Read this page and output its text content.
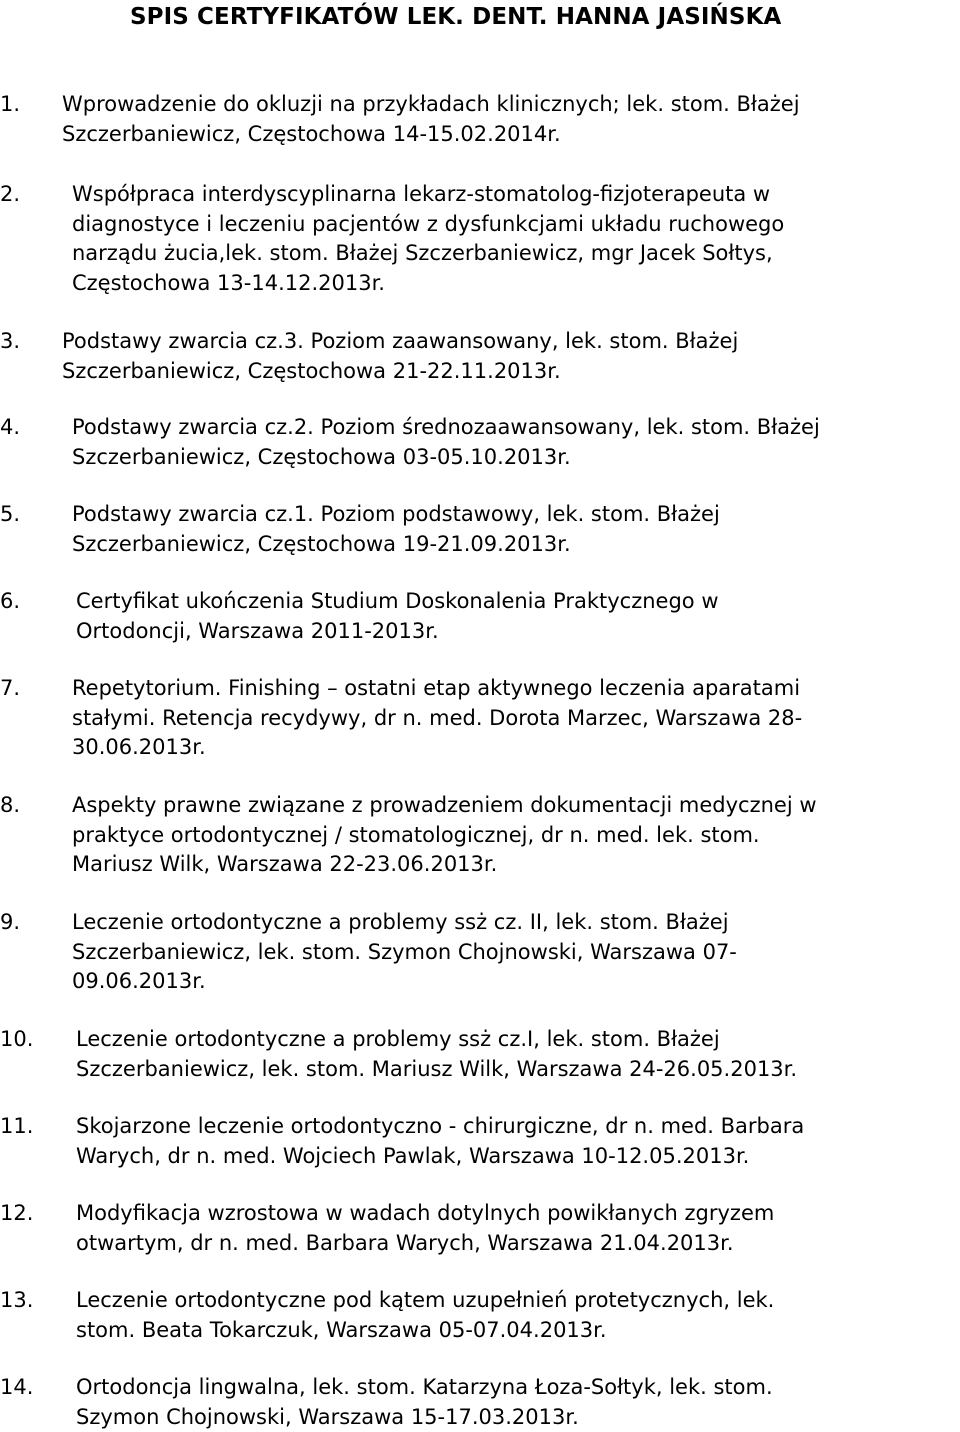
SPIS CERTYFIKATÓW LEK. DENT. HANNA JASIŃSKA
1. Wprowadzenie do okluzji na przykładach klinicznych; lek. stom. Błażej
Szczerbaniewicz, Częstochowa 14-15.02.2014r.
2. Współpraca interdyscyplinarna lekarz-stomatolog-fizjoterapeuta w
diagnostyce i leczeniu pacjentów z dysfunkcjami układu ruchowego
narządu żucia,lek. stom. Błażej Szczerbaniewicz, mgr Jacek Sołtys,
Częstochowa 13-14.12.2013r.
3. Podstawy zwarcia cz.3. Poziom zaawansowany, lek. stom. Błażej
Szczerbaniewicz, Częstochowa 21-22.11.2013r.
4. Podstawy zwarcia cz.2. Poziom średnozaawansowany, lek. stom. Błażej
Szczerbaniewicz, Częstochowa 03-05.10.2013r.
5. Podstawy zwarcia cz.1. Poziom podstawowy, lek. stom. Błażej
Szczerbaniewicz, Częstochowa 19-21.09.2013r.
6.	Certyfikat ukończenia Studium Doskonalenia Praktycznego w
Ortodoncji, Warszawa 2011-2013r.
7. Repetytorium. Finishing – ostatni etap aktywnego leczenia aparatami
stałymi. Retencja recydywy, dr n. med. Dorota Marzec, Warszawa 28-
30.06.2013r.
8. Aspekty prawne związane z prowadzeniem dokumentacji medycznej w
praktyce ortodontycznej / stomatologicznej, dr n. med. lek. stom.
Mariusz Wilk, Warszawa 22-23.06.2013r.
9. Leczenie ortodontyczne a problemy ssż cz. II, lek. stom. Błażej
Szczerbaniewicz, lek. stom. Szymon Chojnowski, Warszawa 07-
09.06.2013r.
10. Leczenie ortodontyczne a problemy ssż cz.I, lek. stom. Błażej
Szczerbaniewicz, lek. stom. Mariusz Wilk, Warszawa 24-26.05.2013r.
11. Skojarzone leczenie ortodontyczno - chirurgiczne, dr n. med. Barbara
Warych, dr n. med. Wojciech Pawlak, Warszawa 10-12.05.2013r.
12. Modyfikacja wzrostowa w wadach dotylnych powikłanych zgryzem
otwartym, dr n. med. Barbara Warych, Warszawa 21.04.2013r.
13. Leczenie ortodontyczne pod kątem uzupełnień protetycznych, lek.
stom. Beata Tokarczuk, Warszawa 05-07.04.2013r.
14. Ortodoncja lingwalna, lek. stom. Katarzyna Łoza-Sołtyk, lek. stom.
Szymon Chojnowski, Warszawa 15-17.03.2013r.
